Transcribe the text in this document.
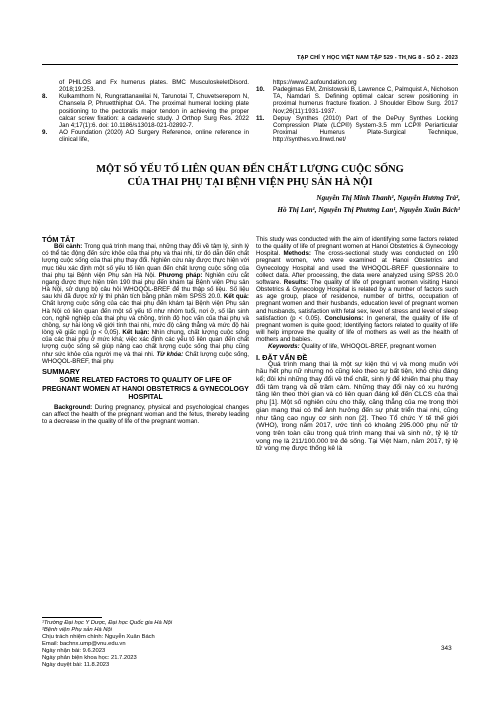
TẠP CHÍ Y HỌC VIỆT NAM TẬP 529 - TH¸NG 8 - SỐ 2 - 2023
of PHILOS and Fx humerus plates. BMC MusculoskeletDisord. 2018;19:253.
8. Kulkamthorn N, Rungrattanawilai N, Tarunotai T, Chuvetsereporn N, Chansela P, Phruetthiphat OA. The proximal humeral locking plate positioning to the pectoralis major tendon in achieving the proper calcar screw fixation: a cadaveric study. J Orthop Surg Res. 2022 Jan 4;17(1):6. doi: 10.1186/s13018-021-02892-7.
9. AO Foundation (2020) AO Surgery Reference, online reference in clinical life,
https://www2.aofoundation.org
10. Padegimas EM, Zmistowski B, Lawrence C, Palmquist A, Nicholson TA, Namdari S. Defining optimal calcar screw positioning in proximal humerus fracture fixation. J Shoulder Elbow Surg. 2017 Nov;26(11):1931-1937.
11. Depuy Synthes (2010) Part of the DePuy Synthes Locking Compression Plate (LCP®) System-3.5 mm LCP® Periarticular Proximal Humerus Plate-Surgical Technique, http://synthes.vo.llnwd.net/
MỘT SỐ YẾU TỐ LIÊN QUAN ĐẾN CHẤT LƯỢNG CUỘC SỐNG
CỦA THAI PHỤ TẠI BỆNH VIỆN PHỤ SẢN HÀ NỘI
Nguyễn Thị Minh Thanh¹, Nguyễn Hương Trà²,
Hồ Thị Lan¹, Nguyễn Thị Phương Lan¹, Nguyễn Xuân Bách¹
TÓM TẮT

Bối cảnh: Trong quá trình mang thai, những thay đổi về tâm lý, sinh lý có thể tác động đến sức khỏe của thai phụ và thai nhi, từ đó dẫn đến chất lượng cuộc sống của thai phụ thay đổi. Nghiên cứu này được thực hiện với mục tiêu xác định một số yếu tố liên quan đến chất lượng cuộc sống của thai phụ tại Bệnh viện Phụ sản Hà Nội. Phương pháp: Nghiên cứu cắt ngang được thực hiện trên 190 thai phụ đến khám tại Bệnh viện Phụ sản Hà Nội, sử dụng bộ câu hỏi WHOQOL-BREF để thu thập số liệu. Số liệu sau khi đã được xử lý thì phân tích bằng phần mềm SPSS 20.0. Kết quả: Chất lượng cuộc sống của các thai phụ đến khám tại Bệnh viện Phụ sản Hà Nội có liên quan đến một số yếu tố như nhóm tuổi, nơi ở, số lần sinh con, nghề nghiệp của thai phụ và chồng, trình độ học vấn của thai phụ và chồng, sự hài lòng về giới tính thai nhi, mức độ căng thẳng và mức độ hài lòng về giấc ngủ (p < 0,05). Kết luận: Nhìn chung, chất lượng cuộc sống của các thai phụ ở mức khá; việc xác định các yếu tố liên quan đến chất lượng cuộc sống sẽ giúp nâng cao chất lượng cuộc sống thai phụ cũng như sức khỏe của người mẹ và thai nhi. Từ khóa: Chất lượng cuộc sống, WHOQOL-BREF, thai phụ

SUMMARY
SOME RELATED FACTORS TO QUALITY OF LIFE OF PREGNANT WOMEN AT HANOI OBSTETRICS & GYNECOLOGY HOSPITAL

Background: During pregnancy, physical and psychological changes can affect the health of the pregnant woman and the fetus, thereby leading to a decrease in the quality of life of the pregnant woman.

¹Trường Đại học Y Dược, Đại học Quốc gia Hà Nội
²Bệnh viện Phụ sản Hà Nội
Chịu trách nhiệm chính: Nguyễn Xuân Bách
Email: bachnx.ump@vnu.edu.vn
Ngày nhận bài: 9.6.2023
Ngày phản biện khoa học: 21.7.2023
Ngày duyệt bài: 11.8.2023

This study was conducted with the aim of identifying some factors related to the quality of life of pregnant women at Hanoi Obstetrics & Gynecology Hospital. Methods: The cross-sectional study was conducted on 190 pregnant women, who were examined at Hanoi Obstetrics and Gynecology Hospital and used the WHOQOL-BREF questionnaire to collect data. After processing, the data were analyzed using SPSS 20.0 software. Results: The quality of life of pregnant women visiting Hanoi Obstetrics & Gynecology Hospital is related by a number of factors such as age group, place of residence, number of births, occupation of pregnant women and their husbands, education level of pregnant women and husbands, satisfaction with fetal sex, level of stress and level of sleep satisfaction (p < 0.05). Conclusions: In general, the quality of life of pregnant women is quite good; Identifying factors related to quality of life will help improve the quality of life of mothers as well as the health of mothers and babies.

Keywords: Quality of life, WHOQOL-BREF, pregnant women

I. ĐẶT VẤN ĐỀ

Quá trình mang thai là một sự kiện thú vị và mong muốn với hầu hết phụ nữ nhưng nó cũng kéo theo sự bất tiện, khó chịu đáng kể; đôi khi những thay đổi về thể chất, sinh lý để khiến thai phụ thay đổi tâm trạng và dễ trầm cảm. Những thay đổi này có xu hướng tăng lên theo thời gian và có liên quan đáng kể đến CLCS của thai phụ [1]. Một số nghiên cứu cho thấy, căng thẳng của mẹ trong thời gian mang thai có thể ảnh hưởng đến sự phát triển thai nhi, cũng như tăng cao nguy cơ sinh non [2]. Theo Tổ chức Y tế thế giới (WHO), trong năm 2017, ước tính có khoảng 295.000 phụ nữ tử vong trên toàn cầu trong quá trình mang thai và sinh nở, tỷ lệ tử vong mẹ là 211/100.000 trẻ đẻ sống. Tại Việt Nam, năm 2017, tỷ lệ tử vong mẹ được thống kê là

343
